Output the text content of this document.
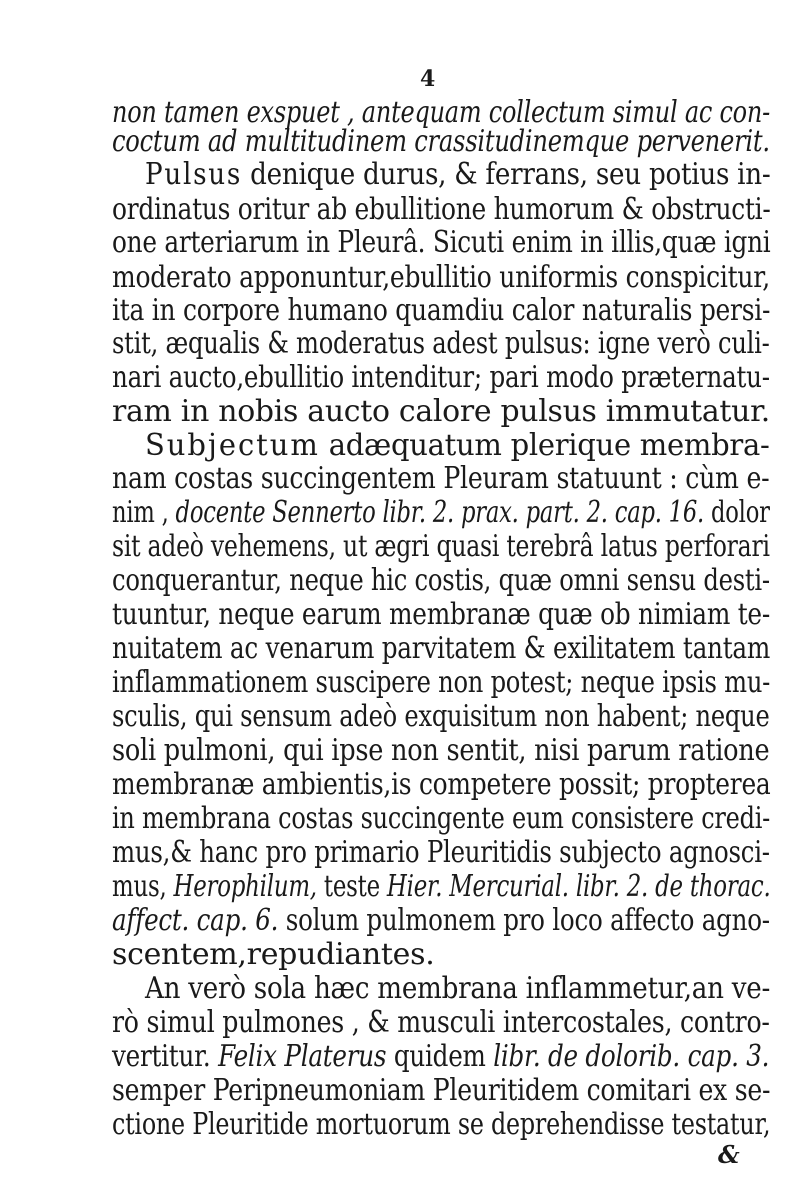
4
non tamen exspuet , antequam collectum simul ac con-
coctum ad multitudinem crassitudinemque pervenerit.
Pulsus denique durus, & ferrans, seu potius in-
ordinatus oritur ab ebullitione humorum & obstructi-
one arteriarum in Pleurâ. Sicuti enim in illis,quæ igni
moderato apponuntur,ebullitio uniformis conspicitur,
ita in corpore humano quamdiu calor naturalis persi-
stit, æqualis & moderatus adest pulsus: igne verò culi-
nari aucto,ebullitio intenditur; pari modo præternatu-
ram in nobis aucto calore pulsus immutatur.
Subjectum adæquatum plerique membra-
nam costas succingentem Pleuram statuunt : cùm e-
nim , docente Sennerto libr. 2. prax. part. 2. cap. 16. dolor
sit adeò vehemens, ut ægri quasi terebrâ latus perforari
conquerantur, neque hic costis, quæ omni sensu desti-
tuuntur, neque earum membranæ quæ ob nimiam te-
nuitatem ac venarum parvitatem & exilitatem tantam
inflammationem suscipere non potest; neque ipsis mu-
sculis, qui sensum adeò exquisitum non habent; neque
soli pulmoni, qui ipse non sentit, nisi parum ratione
membranæ ambientis,is competere possit; propterea
in membrana costas succingente eum consistere credi-
mus,& hanc pro primario Pleuritidis subjecto agnosci-
mus, Herophilum, teste Hier. Mercurial. libr. 2. de thorac.
affect. cap. 6. solum pulmonem pro loco affecto agno-
scentem,repudiantes.
An verò sola hæc membrana inflammetur,an ve-
rò simul pulmones , & musculi intercostales, contro-
vertitur. Felix Platerus quidem libr. de dolorib. cap. 3.
semper Peripneumoniam Pleuritidem comitari ex se-
ctione Pleuritide mortuorum se deprehendisse testatur,
&
